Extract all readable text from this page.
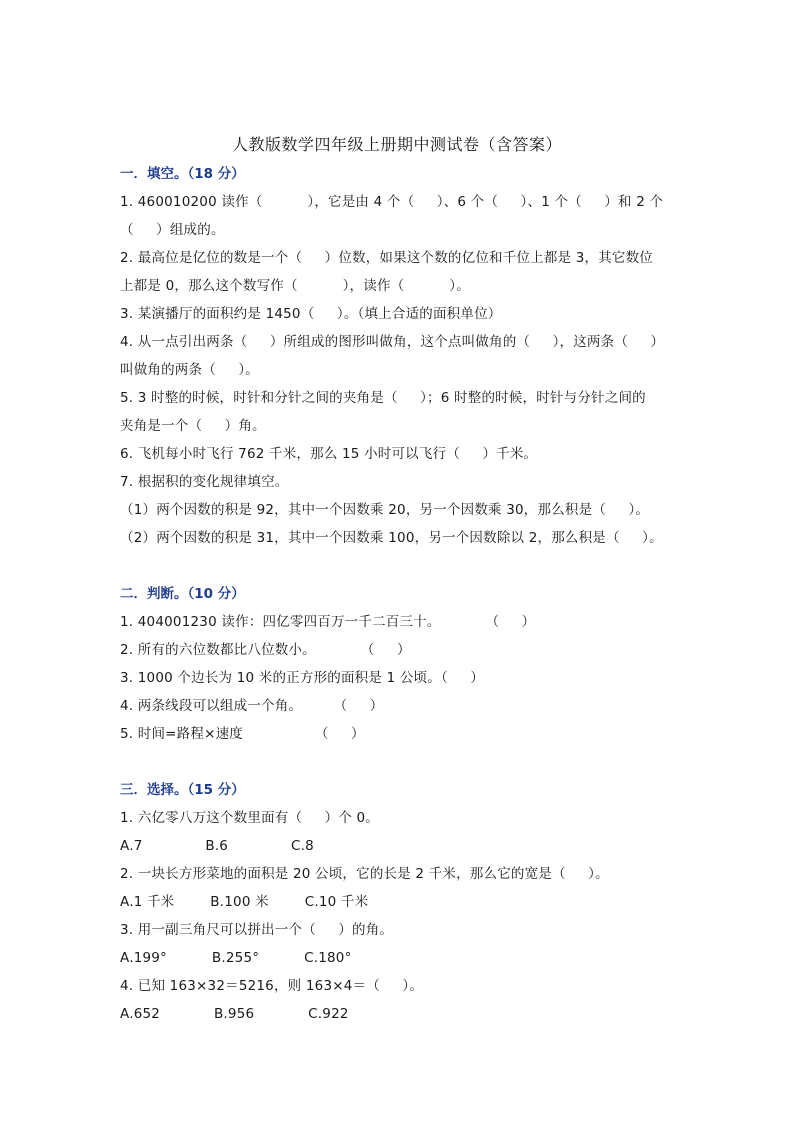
人教版数学四年级上册期中测试卷（含答案）
一．填空。（18 分）
1. 460010200 读作（          ），它是由 4 个（     ）、6 个（     ）、1 个（     ）和 2 个
（     ）组成的。
2. 最高位是亿位的数是一个（     ）位数，如果这个数的亿位和千位上都是 3，其它数位
上都是 0，那么这个数写作（          ），读作（          ）。
3. 某演播厅的面积约是 1450（     ）。（填上合适的面积单位）
4. 从一点引出两条（     ）所组成的图形叫做角，这个点叫做角的（     ），这两条（     ）
叫做角的两条（     ）。
5. 3 时整的时候，时针和分针之间的夹角是（     ）；6 时整的时候，时针与分针之间的
夹角是一个（     ）角。
6. 飞机每小时飞行 762 千米，那么 15 小时可以飞行（     ）千米。
7. 根据积的变化规律填空。
（1）两个因数的积是 92，其中一个因数乘 20，另一个因数乘 30，那么积是（     ）。
（2）两个因数的积是 31，其中一个因数乘 100，另一个因数除以 2，那么积是（     ）。
二．判断。（10 分）
1. 404001230 读作：四亿零四百万一千二百三十。          （     ）
2. 所有的六位数都比八位数小。          （     ）
3. 1000 个边长为 10 米的正方形的面积是 1 公顷。（     ）
4. 两条线段可以组成一个角。       （     ）
5. 时间=路程×速度                （     ）
三．选择。（15 分）
1. 六亿零八万这个数里面有（     ）个 0。
A.7              B.6              C.8
2. 一块长方形菜地的面积是 20 公顷，它的长是 2 千米，那么它的宽是（     ）。
A.1 千米        B.100 米        C.10 千米
3. 用一副三角尺可以拼出一个（     ）的角。
A.199°          B.255°          C.180°
4. 已知 163×32＝5216，则 163×4＝（     ）。
A.652            B.956            C.922
